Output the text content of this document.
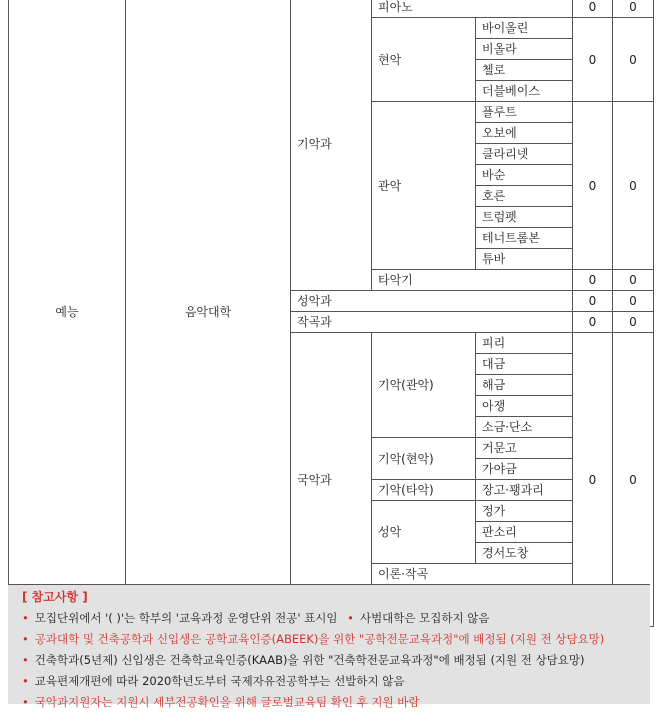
예능	음악대학	기악과	피아노		0	0
			현악	바이올린	0	0
				비올라		
				첼로		
				더블베이스		
			관악	플루트	0	0
				오보에		
				클라리넷		
				바순		
				호른		
				트럼펫		
				테너트롬본		
				튜바		
			타악기		0	0
		성악과			0	0
		작곡과			0	0
		국악과	기악(관악)	피리	0	0
				대금		
				해금		
				아쟁		
				소금·단소		
			기악(현악)	거문고		
				가야금		
			기악(타악)	장고·꽹과리		
			성악	정가		
				판소리		
				경서도창		
			이론·작곡			

[ 참고사항 ]
• 모집단위에서 '( )'는 학부의 '교육과정 운영단위 전공' 표시임 • 사범대학은 모집하지 않음
• 공과대학 및 건축공학과 신입생은 공학교육인증(ABEEK)을 위한 "공학전문교육과정"에 배정됨 (지원 전 상담요망)
• 건축학과(5년제) 신입생은 건축학교육인증(KAAB)을 위한 "건축학전문교육과정"에 배정됨 (지원 전 상담요망)
• 교육편제개편에 따라 2020학년도부터 국제자유전공학부는 선발하지 않음
• 국악과지원자는 지원시 세부전공확인을 위해 글로벌교육팀 확인 후 지원 바람
